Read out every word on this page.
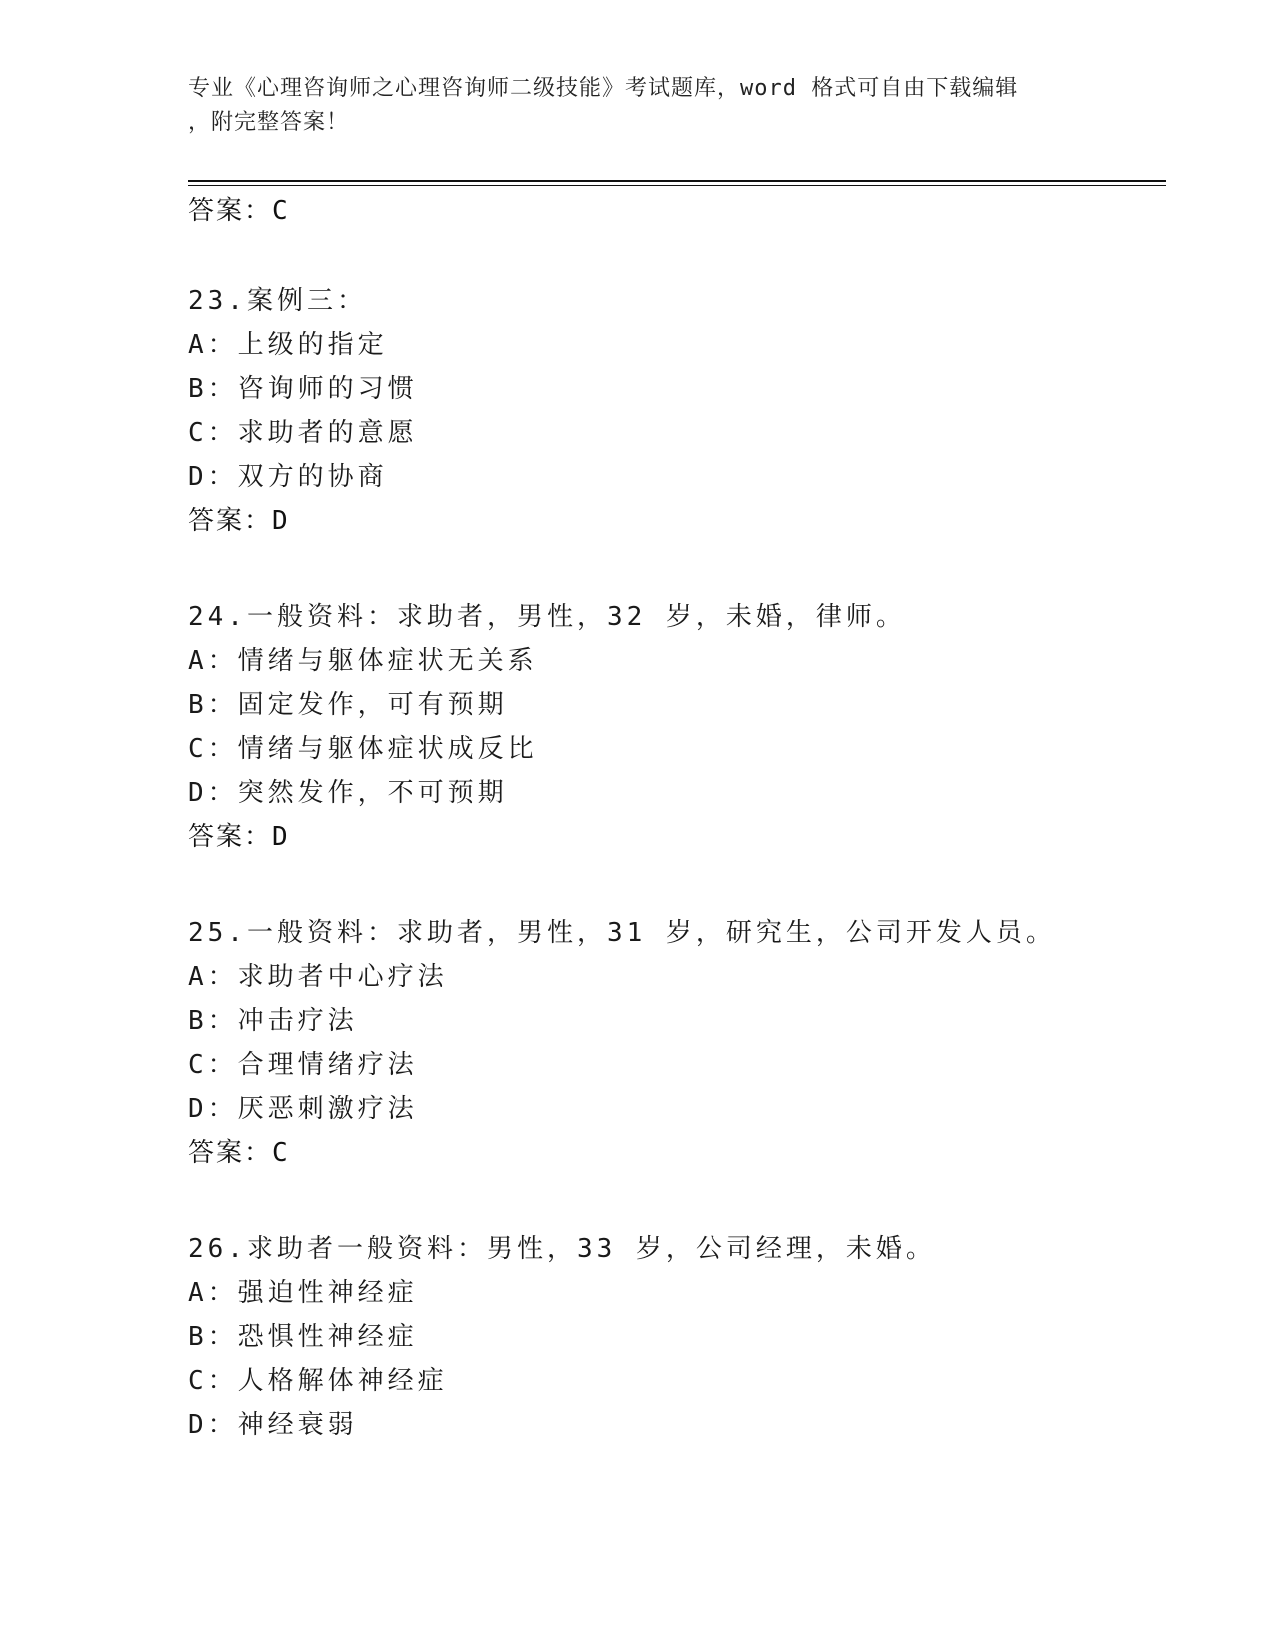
专业《心理咨询师之心理咨询师二级技能》考试题库，word 格式可自由下载编辑
，附完整答案！
答案：C
23.案例三：
A：上级的指定
B：咨询师的习惯
C：求助者的意愿
D：双方的协商
答案：D
24.一般资料：求助者，男性，32 岁，未婚，律师。
A：情绪与躯体症状无关系
B：固定发作，可有预期
C：情绪与躯体症状成反比
D：突然发作，不可预期
答案：D
25.一般资料：求助者，男性，31 岁，研究生，公司开发人员。
A：求助者中心疗法
B：冲击疗法
C：合理情绪疗法
D：厌恶刺激疗法
答案：C
26.求助者一般资料：男性，33 岁，公司经理，未婚。
A：强迫性神经症
B：恐惧性神经症
C：人格解体神经症
D：神经衰弱
